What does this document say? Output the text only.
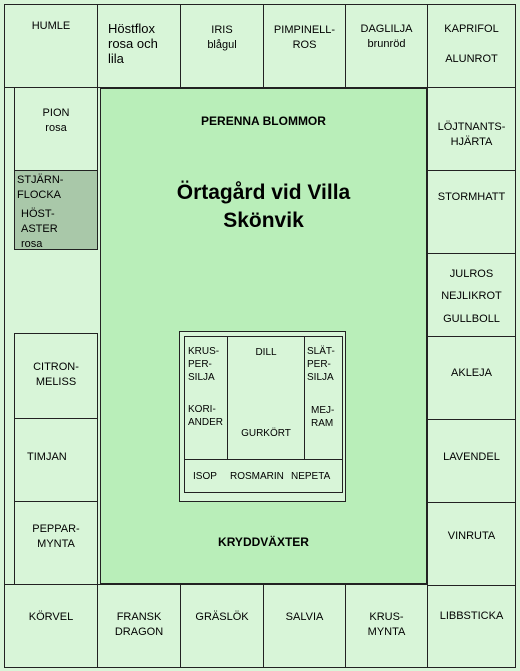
HUMLE	Höstflox
rosa och
lila
IRIS
blågul
PIMPINELL-
ROS
DAGLILJA
brunröd
KAPRIFOL
ALUNROT
PION
rosa
STJÄRN-
FLOCKA
HÖST-
ASTER
rosa
LÖJTNANTS-
HJÄRTA
STORMHATT
JULROS
NEJLIKROT
GULLBOLL
AKLEJA
LAVENDEL
VINRUTA
LIBBSTICKA
CITRON-
MELISS
TIMJAN
PEPPAR-
MYNTA
KÖRVEL	FRANSK
DRAGON
GRÄSLÖK	SALVIA	KRUS-
MYNTA
PERENNA BLOMMOR
Örtagård vid Villa
Skönvik
KRYDDVÄXTER
KRUS-
PER-
SILJA
KORI-
ANDER
DILL
GURKÖRT
SLÄT-
PER-
SILJA
MEJ-
RAM
ISOP ROSMARIN NEPETA
